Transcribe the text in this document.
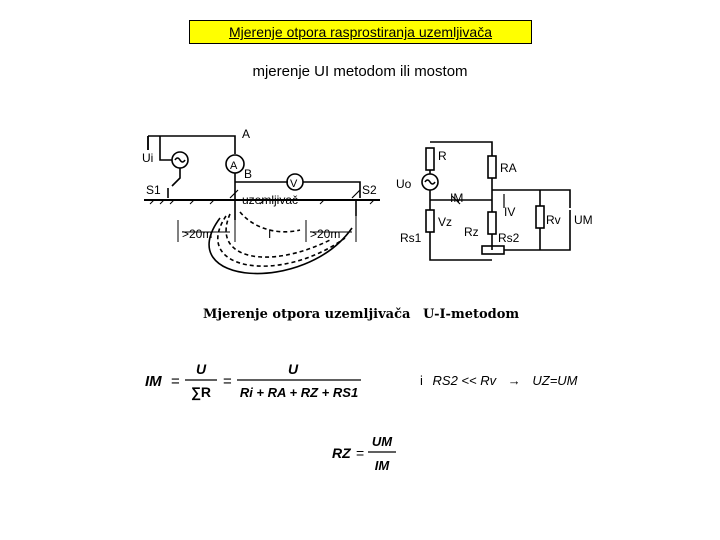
Mjerenje otpora rasprostiranja uzemljivača
mjerenje UI metodom ili mostom
A
B
Ui
S1	S2
A
V
uzemljivač
>20m	>20m
I
R
RA
Uo
IM
IV
Rv UM
Vz
Rz
Rs1	Rs2
Mjerenje otpora uzemljivača U-I-metodom
IM =
U
∑R
=
U
Ri + RA + RZ + RS1
i RS2 << Rv → UZ=UM
RZ =
UM
IM
